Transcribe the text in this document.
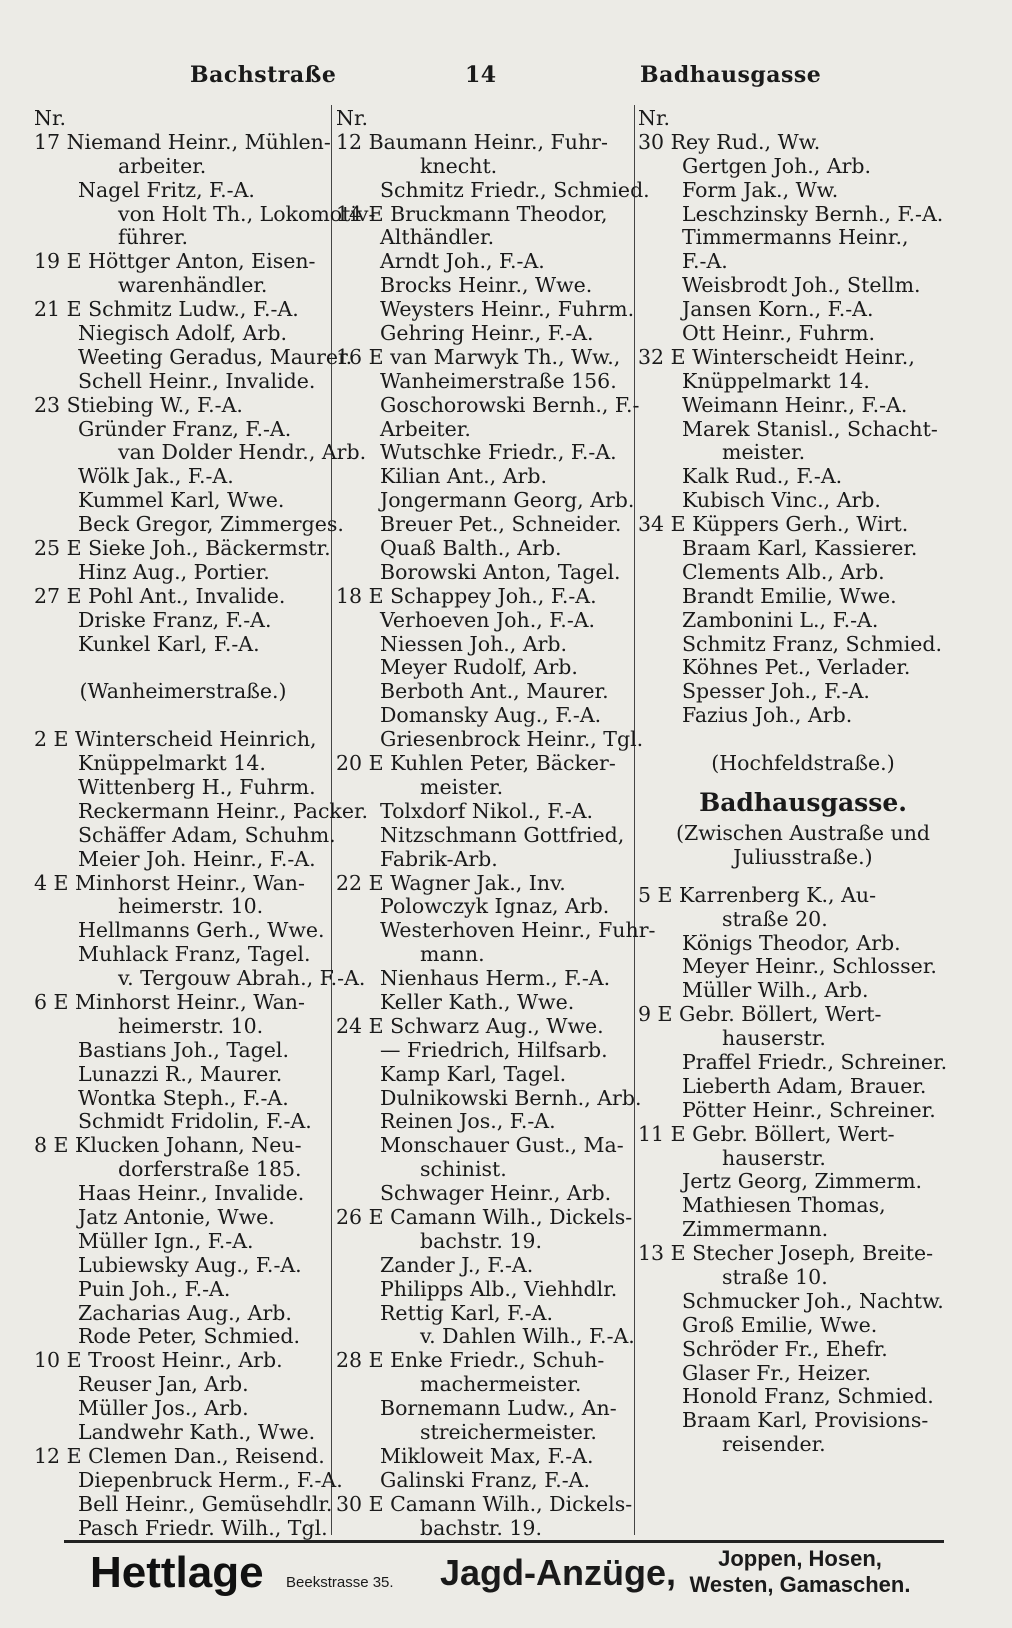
Bachstraße	14	Badhausgasse
Nr.
17 Niemand Heinr., Mühlen-
arbeiter.
Nagel Fritz, F.-A.
von Holt Th., Lokomotiv-
führer.
19 E Höttger Anton, Eisen-
warenhändler.
21 E Schmitz Ludw., F.-A.
Niegisch Adolf, Arb.
Weeting Geradus, Maurer.
Schell Heinr., Invalide.
23 Stiebing W., F.-A.
Gründer Franz, F.-A.
van Dolder Hendr., Arb.
Wölk Jak., F.-A.
Kummel Karl, Wwe.
Beck Gregor, Zimmerges.
25 E Sieke Joh., Bäckermstr.
Hinz Aug., Portier.
27 E Pohl Ant., Invalide.
Driske Franz, F.-A.
Kunkel Karl, F.-A.
(Wanheimerstraße.)
2 E Winterscheid Heinrich,
Knüppelmarkt 14.
Wittenberg H., Fuhrm.
Reckermann Heinr., Packer.
Schäffer Adam, Schuhm.
Meier Joh. Heinr., F.-A.
4 E Minhorst Heinr., Wan-
heimerstr. 10.
Hellmanns Gerh., Wwe.
Muhlack Franz, Tagel.
v. Tergouw Abrah., F.-A.
6 E Minhorst Heinr., Wan-
heimerstr. 10.
Bastians Joh., Tagel.
Lunazzi R., Maurer.
Wontka Steph., F.-A.
Schmidt Fridolin, F.-A.
8 E Klucken Johann, Neu-
dorferstraße 185.
Haas Heinr., Invalide.
Jatz Antonie, Wwe.
Müller Ign., F.-A.
Lubiewsky Aug., F.-A.
Puin Joh., F.-A.
Zacharias Aug., Arb.
Rode Peter, Schmied.
10 E Troost Heinr., Arb.
Reuser Jan, Arb.
Müller Jos., Arb.
Landwehr Kath., Wwe.
12 E Clemen Dan., Reisend.
Diepenbruck Herm., F.-A.
Bell Heinr., Gemüsehdlr.
Pasch Friedr. Wilh., Tgl.
Nr.
12 Baumann Heinr., Fuhr-
knecht.
Schmitz Friedr., Schmied.
14 E Bruckmann Theodor,
Althändler.
Arndt Joh., F.-A.
Brocks Heinr., Wwe.
Weysters Heinr., Fuhrm.
Gehring Heinr., F.-A.
16 E van Marwyk Th., Ww.,
Wanheimerstraße 156.
Goschorowski Bernh., F.-
Arbeiter.
Wutschke Friedr., F.-A.
Kilian Ant., Arb.
Jongermann Georg, Arb.
Breuer Pet., Schneider.
Quaß Balth., Arb.
Borowski Anton, Tagel.
18 E Schappey Joh., F.-A.
Verhoeven Joh., F.-A.
Niessen Joh., Arb.
Meyer Rudolf, Arb.
Berboth Ant., Maurer.
Domansky Aug., F.-A.
Griesenbrock Heinr., Tgl.
20 E Kuhlen Peter, Bäcker-
meister.
Tolxdorf Nikol., F.-A.
Nitzschmann Gottfried,
Fabrik-Arb.
22 E Wagner Jak., Inv.
Polowczyk Ignaz, Arb.
Westerhoven Heinr., Fuhr-
mann.
Nienhaus Herm., F.-A.
Keller Kath., Wwe.
24 E Schwarz Aug., Wwe.
— Friedrich, Hilfsarb.
Kamp Karl, Tagel.
Dulnikowski Bernh., Arb.
Reinen Jos., F.-A.
Monschauer Gust., Ma-
schinist.
Schwager Heinr., Arb.
26 E Camann Wilh., Dickels-
bachstr. 19.
Zander J., F.-A.
Philipps Alb., Viehhdlr.
Rettig Karl, F.-A.
v. Dahlen Wilh., F.-A.
28 E Enke Friedr., Schuh-
machermeister.
Bornemann Ludw., An-
streichermeister.
Mikloweit Max, F.-A.
Galinski Franz, F.-A.
30 E Camann Wilh., Dickels-
bachstr. 19.
Nr.
30 Rey Rud., Ww.
Gertgen Joh., Arb.
Form Jak., Ww.
Leschzinsky Bernh., F.-A.
Timmermanns Heinr.,
F.-A.
Weisbrodt Joh., Stellm.
Jansen Korn., F.-A.
Ott Heinr., Fuhrm.
32 E Winterscheidt Heinr.,
Knüppelmarkt 14.
Weimann Heinr., F.-A.
Marek Stanisl., Schacht-
meister.
Kalk Rud., F.-A.
Kubisch Vinc., Arb.
34 E Küppers Gerh., Wirt.
Braam Karl, Kassierer.
Clements Alb., Arb.
Brandt Emilie, Wwe.
Zambonini L., F.-A.
Schmitz Franz, Schmied.
Köhnes Pet., Verlader.
Spesser Joh., F.-A.
Fazius Joh., Arb.
(Hochfeldstraße.)
Badhausgasse.
(Zwischen Austraße und
Juliusstraße.)
5 E Karrenberg K., Au-
straße 20.
Königs Theodor, Arb.
Meyer Heinr., Schlosser.
Müller Wilh., Arb.
9 E Gebr. Böllert, Wert-
hauserstr.
Praffel Friedr., Schreiner.
Lieberth Adam, Brauer.
Pötter Heinr., Schreiner.
11 E Gebr. Böllert, Wert-
hauserstr.
Jertz Georg, Zimmerm.
Mathiesen Thomas,
Zimmermann.
13 E Stecher Joseph, Breite-
straße 10.
Schmucker Joh., Nachtw.
Groß Emilie, Wwe.
Schröder Fr., Ehefr.
Glaser Fr., Heizer.
Honold Franz, Schmied.
Braam Karl, Provisions-
reisender.
Hettlage Beekstrasse 35. Jagd-Anzüge,	Joppen, Hosen,
Westen, Gamaschen.
